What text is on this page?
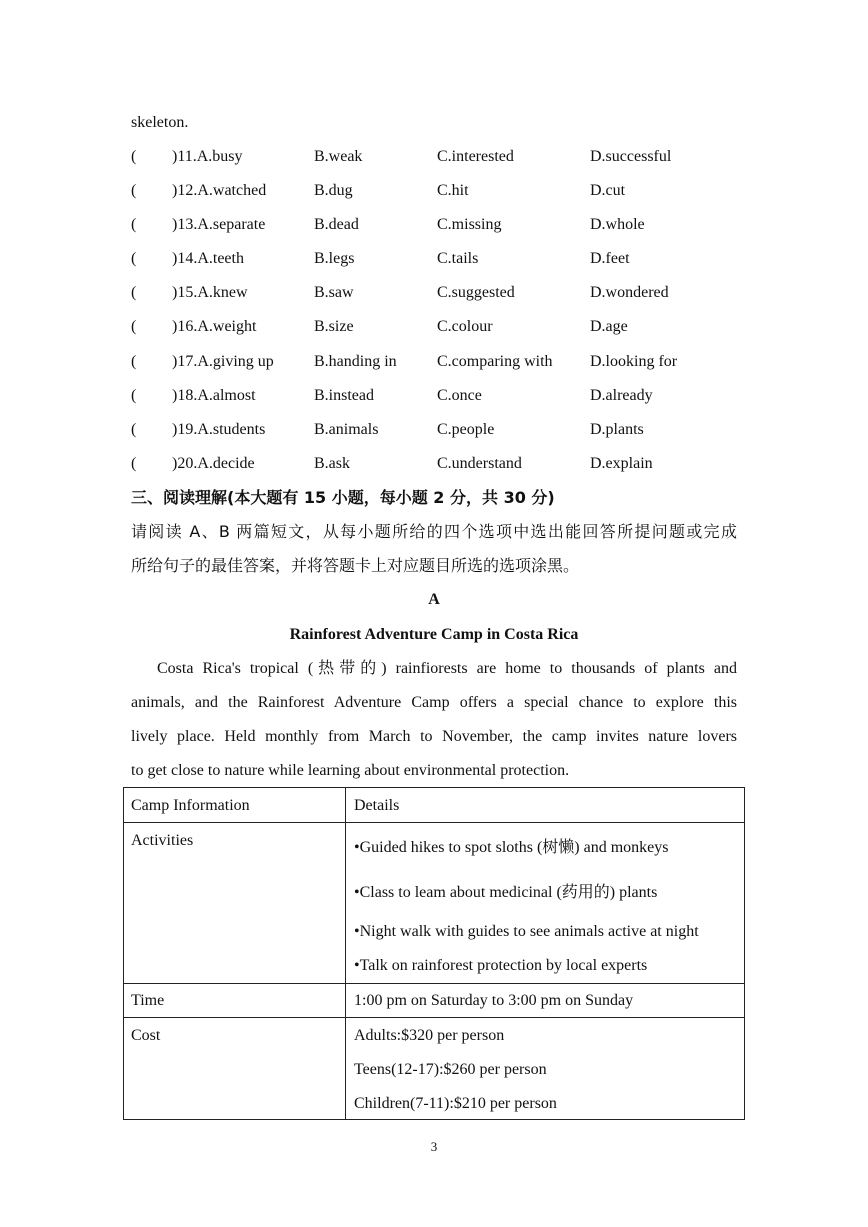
skeleton.
( )11.A.busy	B.weak	C.interested	D.successful
( )12.A.watched	B.dug	C.hit	D.cut
( )13.A.separate	B.dead	C.missing	D.whole
( )14.A.teeth	B.legs	C.tails	D.feet
( )15.A.knew	B.saw	C.suggested	D.wondered
( )16.A.weight	B.size	C.colour	D.age
( )17.A.giving up	B.handing in	C.comparing with D.looking for
( )18.A.almost	B.instead	C.once	D.already
( )19.A.students	B.animals	C.people	D.plants
( )20.A.decide	B.ask	C.understand	D.explain
三、阅读理解(本大题有 15 小题，每小题 2 分，共 30 分)
请阅读 A、B 两篇短文，从每小题所给的四个选项中选出能回答所提问题或完成
所给句子的最佳答案，并将答题卡上对应题目所选的选项涂黑。
A
Rainforest Adventure Camp in Costa Rica
Costa Rica's tropical (热带的) rainfiorests are home to thousands of plants and
animals, and the Rainforest Adventure Camp offers a special chance to explore this
lively place. Held monthly from March to November, the camp invites nature lovers
to get close to nature while learning about environmental protection.
Camp Information	Details
Activities	•Guided hikes to spot sloths (树懒) and monkeys
•Class to leam about medicinal (药用的) plants
•Night walk with guides to see animals active at night
•Talk on rainforest protection by local experts
Time	1:00 pm on Saturday to 3:00 pm on Sunday
Cost	Adults:$320 per person
Teens(12-17):$260 per person
Children(7-11):$210 per person
3
